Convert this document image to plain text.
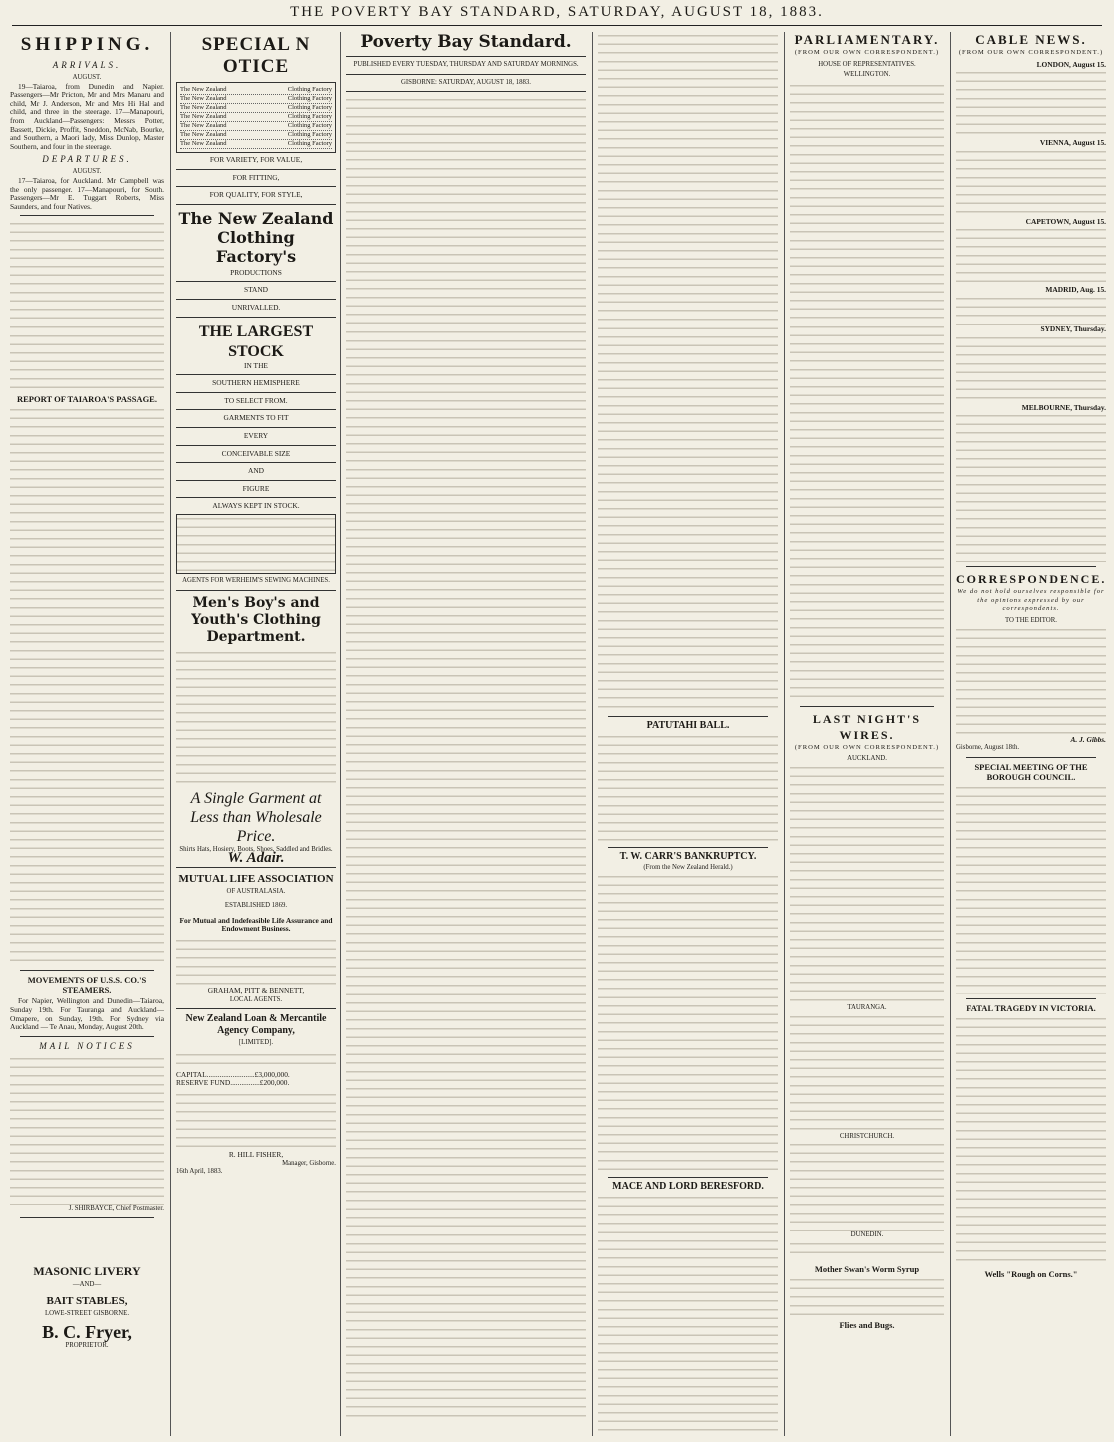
THE POVERTY BAY STANDARD, SATURDAY, AUGUST 18, 1883.
SHIPPING.
ARRIVALS.
AUGUST.

19—Taiaroa, from Dunedin and Napier. Passengers—Mr Pricton, Mr and Mrs Manaru and child, Mr J. Anderson, Mr and Mrs Hi Hal and child, and three in the steerage. 17—Manapouri, from Auckland—Passengers: Messrs Potter, Bassett, Dickie, Proffit, Sneddon, McNab, Bourke, and Southern, a Maori lady, Miss Dunlop, Master Southern, and four in the steerage.

DEPARTURES.
AUGUST.

17—Taiaroa, for Auckland. Mr Campbell was the only passenger. 17—Manapouri, for South. Passengers—Mr E. Tuggart Roberts, Miss Saunders, and four Natives.

REPORT OF TAIAROA'S PASSAGE.
MOVEMENTS OF U.S.S. CO.'S STEAMERS.

For Napier, Wellington and Dunedin—Taiaroa, Sunday 19th. For Tauranga and Auckland—Omapere, on Sunday, 19th. For Sydney via Auckland — Te Anau, Monday, August 20th.

MAIL NOTICES
J. SHIRBAYCE, Chief Postmaster.
MASONIC LIVERY
—AND—
BAIT STABLES,
LOWE-STREET GISBORNE.
B. C. Fryer,
PROPRIETOR.
SPECIAL N OTICE
The New Zealand	Clothing Factory
The New Zealand	Clothing Factory
The New Zealand	Clothing Factory
The New Zealand	Clothing Factory
The New Zealand	Clothing Factory
The New Zealand	Clothing Factory
The New Zealand	Clothing Factory
FOR VARIETY, FOR VALUE,
FOR FITTING,
FOR QUALITY, FOR STYLE,
The New Zealand Clothing Factory's
PRODUCTIONS
STAND
UNRIVALLED.
THE LARGEST STOCK
IN THE
SOUTHERN HEMISPHERE
TO SELECT FROM.
GARMENTS TO FIT
EVERY
CONCEIVABLE SIZE
AND
FIGURE
ALWAYS KEPT IN STOCK.
AGENTS FOR WERHEIM'S SEWING MACHINES.
Men's Boy's and Youth's Clothing Department.
A Single Garment at Less than Wholesale Price.
Shirts Hats, Hosiery, Boots, Shoes, Saddled and Bridles.
W. Adair.
MUTUAL LIFE ASSOCIATION
OF AUSTRALASIA.
ESTABLISHED 1869.
For Mutual and Indefeasible Life Assurance and Endowment Business.
GRAHAM, PITT & BENNETT,
LOCAL AGENTS.
New Zealand Loan & Mercantile Agency Company,
[LIMITED].
CAPITAL..........................£3,000,000.
RESERVE FUND................£200,000.
R. HILL FISHER,
Manager, Gisborne.
16th April, 1883.
Poverty Bay Standard.
PUBLISHED EVERY TUESDAY, THURSDAY AND SATURDAY MORNINGS.
GISBORNE: SATURDAY, AUGUST 18, 1883.
PATUTAHI BALL.
T. W. CARR'S BANKRUPTCY.
(From the New Zealand Herald.)
MACE AND LORD BERESFORD.
PARLIAMENTARY.
(FROM OUR OWN CORRESPONDENT.)
HOUSE OF REPRESENTATIVES.
WELLINGTON.
LAST NIGHT'S WIRES.
(FROM OUR OWN CORRESPONDENT.)
AUCKLAND.
TAURANGA.
CHRISTCHURCH.
DUNEDIN.
Mother Swan's Worm Syrup
Flies and Bugs.
CABLE NEWS.
(FROM OUR OWN CORRESPONDENT.)
LONDON, August 15.
VIENNA, August 15.
CAPETOWN, August 15.
MADRID, Aug. 15.
SYDNEY, Thursday.
MELBOURNE, Thursday.
CORRESPONDENCE.
We do not hold ourselves responsible for the opinions expressed by our correspondents.
TO THE EDITOR.
A. J. Gibbs.
Gisborne, August 18th.
SPECIAL MEETING OF THE BOROUGH COUNCIL.
FATAL TRAGEDY IN VICTORIA.
Wells "Rough on Corns."
